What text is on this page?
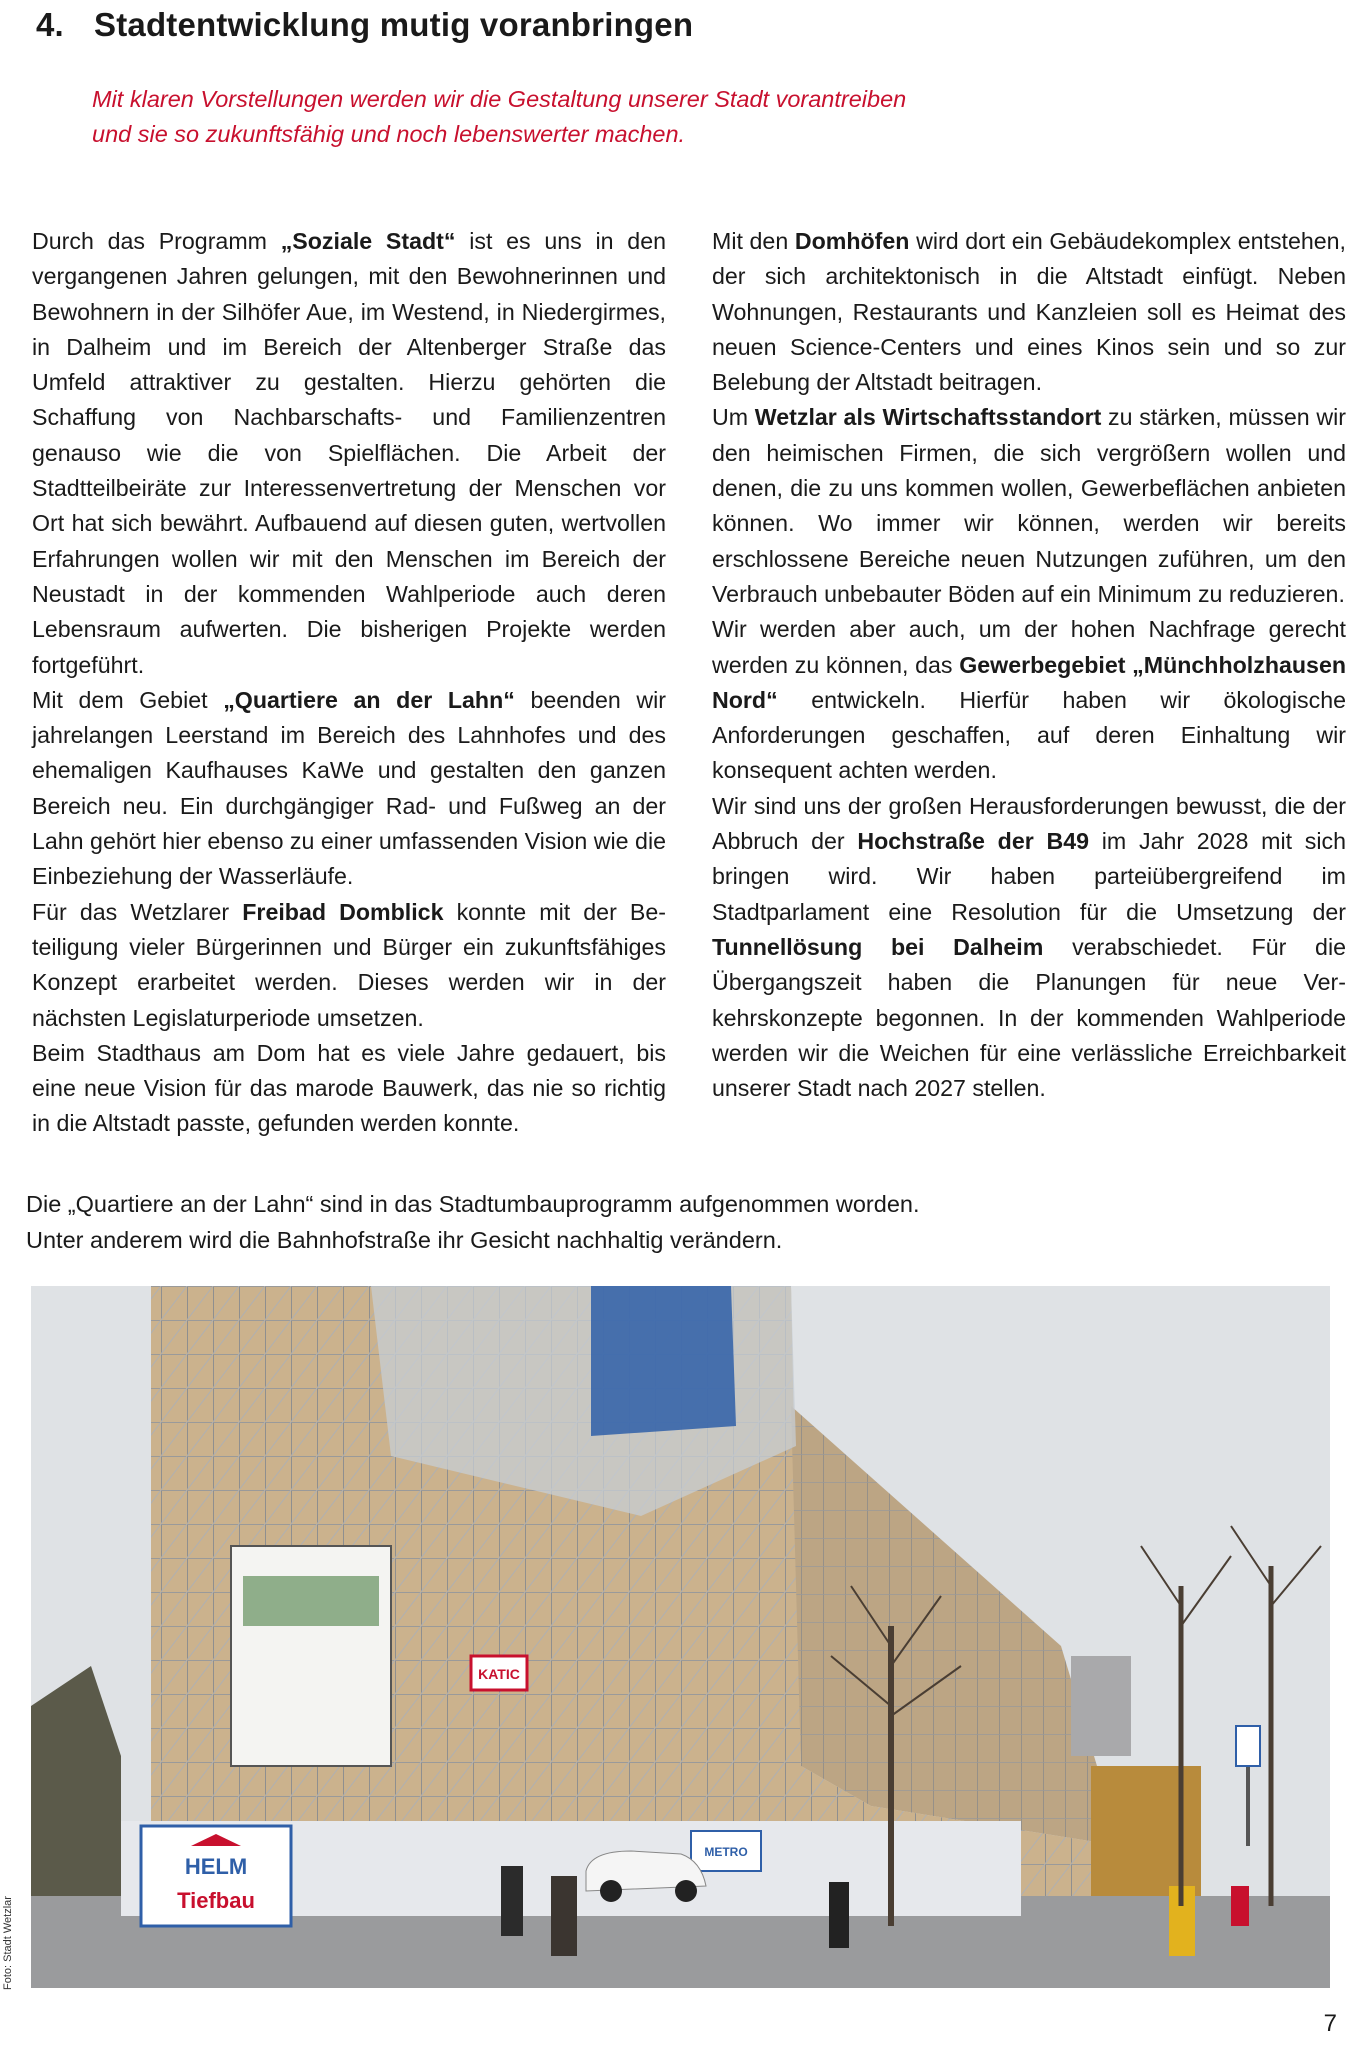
4. Stadtentwicklung mutig voranbringen
Mit klaren Vorstellungen werden wir die Gestaltung unserer Stadt vorantreiben
und sie so zukunftsfähig und noch lebenswerter machen.

Durch das Programm „Soziale Stadt“ ist es uns in den vergangenen Jahren gelungen, mit den Bewohnerinnen und Bewohnern in der Silhöfer Aue, im Westend, in Niedergirmes, in Dalheim und im Bereich der Altenberger Straße das Umfeld attraktiver zu gestalten. Hierzu gehörten die Schaffung von Nachbarschafts- und Familienzentren genauso wie die von Spielflächen. Die Arbeit der Stadtteilbeiräte zur Interessenvertretung der Menschen vor Ort hat sich bewährt. Aufbauend auf diesen guten, wertvollen Erfahrungen wollen wir mit den Menschen im Bereich der Neustadt in der kommenden Wahlperiode auch deren Lebensraum aufwerten. Die bisherigen Projekte werden fortgeführt.

Mit dem Gebiet „Quartiere an der Lahn“ beenden wir jahrelangen Leerstand im Bereich des Lahnhofes und des ehemaligen Kaufhauses KaWe und gestalten den ganzen Bereich neu. Ein durchgängiger Rad- und Fußweg an der Lahn gehört hier ebenso zu einer umfassenden Vision wie die Einbeziehung der Wasserläufe.

Für das Wetzlarer Freibad Domblick konnte mit der Beteiligung vieler Bürgerinnen und Bürger ein zukunftsfähiges Konzept erarbeitet werden. Dieses werden wir in der nächsten Legislaturperiode umsetzen.

Beim Stadthaus am Dom hat es viele Jahre gedauert, bis eine neue Vision für das marode Bauwerk, das nie so richtig in die Altstadt passte, gefunden werden konnte.

Mit den Domhöfen wird dort ein Gebäudekomplex entstehen, der sich architektonisch in die Altstadt einfügt. Neben Wohnungen, Restaurants und Kanzleien soll es Heimat des neuen Science-Centers und eines Kinos sein und so zur Belebung der Altstadt beitragen.

Um Wetzlar als Wirtschaftsstandort zu stärken, müssen wir den heimischen Firmen, die sich vergrößern wollen und denen, die zu uns kommen wollen, Gewerbeflächen anbieten können. Wo immer wir können, werden wir bereits erschlossene Bereiche neuen Nutzungen zuführen, um den Verbrauch unbebauter Böden auf ein Minimum zu reduzieren.

Wir werden aber auch, um der hohen Nachfrage gerecht werden zu können, das Gewerbegebiet „Münchholzhausen Nord“ entwickeln. Hierfür haben wir ökologische Anforderungen geschaffen, auf deren Einhaltung wir konsequent achten werden.

Wir sind uns der großen Herausforderungen bewusst, die der Abbruch der Hochstraße der B49 im Jahr 2028 mit sich bringen wird. Wir haben parteiübergreifend im Stadtparlament eine Resolution für die Umsetzung der Tunnellösung bei Dalheim verabschiedet. Für die Übergangszeit haben die Planungen für neue Verkehrskonzepte begonnen. In der kommenden Wahlperiode werden wir die Weichen für eine verlässliche Erreichbarkeit unserer Stadt nach 2027 stellen.

Die „Quartiere an der Lahn“ sind in das Stadtumbauprogramm aufgenommen worden.
Unter anderem wird die Bahnhofstraße ihr Gesicht nachhaltig verändern.
KATIC
HELM
Tiefbau
METRO
Foto: Stadt Wetzlar
7
